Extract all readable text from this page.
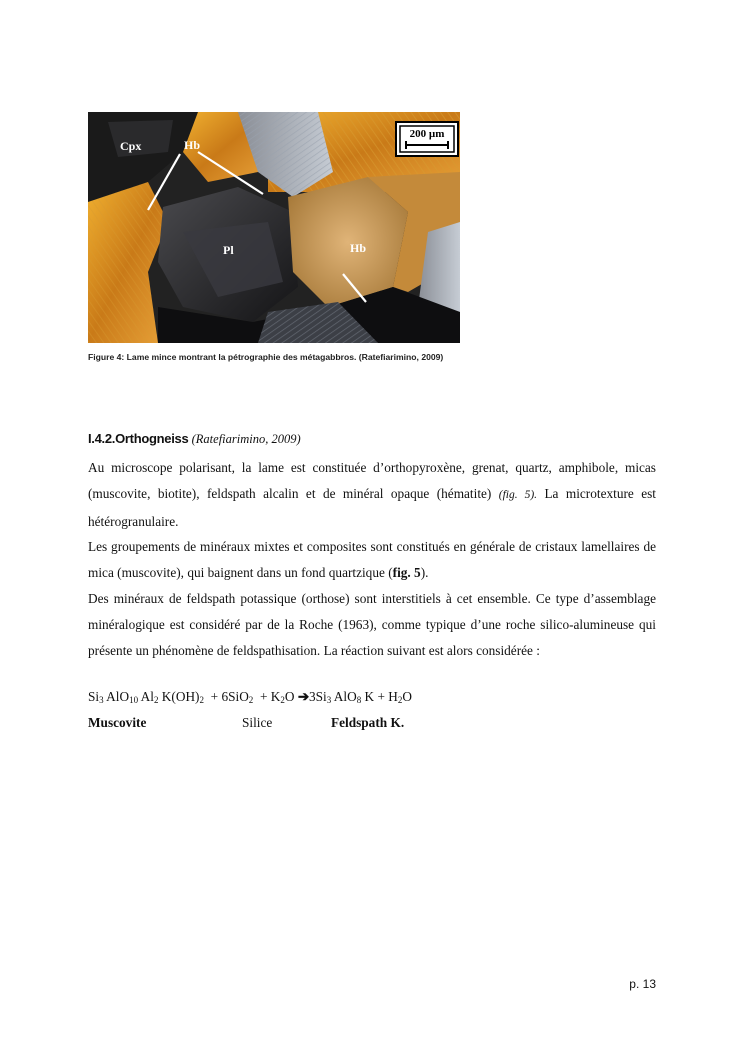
200 µm
Cpx	Hb
Pl	Hb
Figure 4: Lame mince montrant la pétrographie des métagabbros. (Ratefiarimino, 2009)
I.4.2.Orthogneiss (Ratefiarimino, 2009)

Au microscope polarisant, la lame est constituée d’orthopyroxène, grenat, quartz, amphibole, micas (muscovite, biotite), feldspath alcalin et de minéral opaque (hématite) (fig. 5). La microtexture est hétérogranulaire.

Les groupements de minéraux mixtes et composites sont constitués en générale de cristaux lamellaires de mica (muscovite), qui baignent dans un fond quartzique (fig. 5).

Des minéraux de feldspath potassique (orthose) sont interstitiels à cet ensemble. Ce type d’assemblage minéralogique est considéré par de la Roche (1963), comme typique d’une roche silico-alumineuse qui présente un phénomène de feldspathisation. La réaction suivant est alors considérée :

$Si_3$ AlO$_{10}$ $Al_2$ $K(OH)_2 + 6SiO_2 + K_2O$ $➔3Si_3$ AlO$_8$ $K + H_2O$
Muscovite	Silice	Feldspath K.
p. 13
